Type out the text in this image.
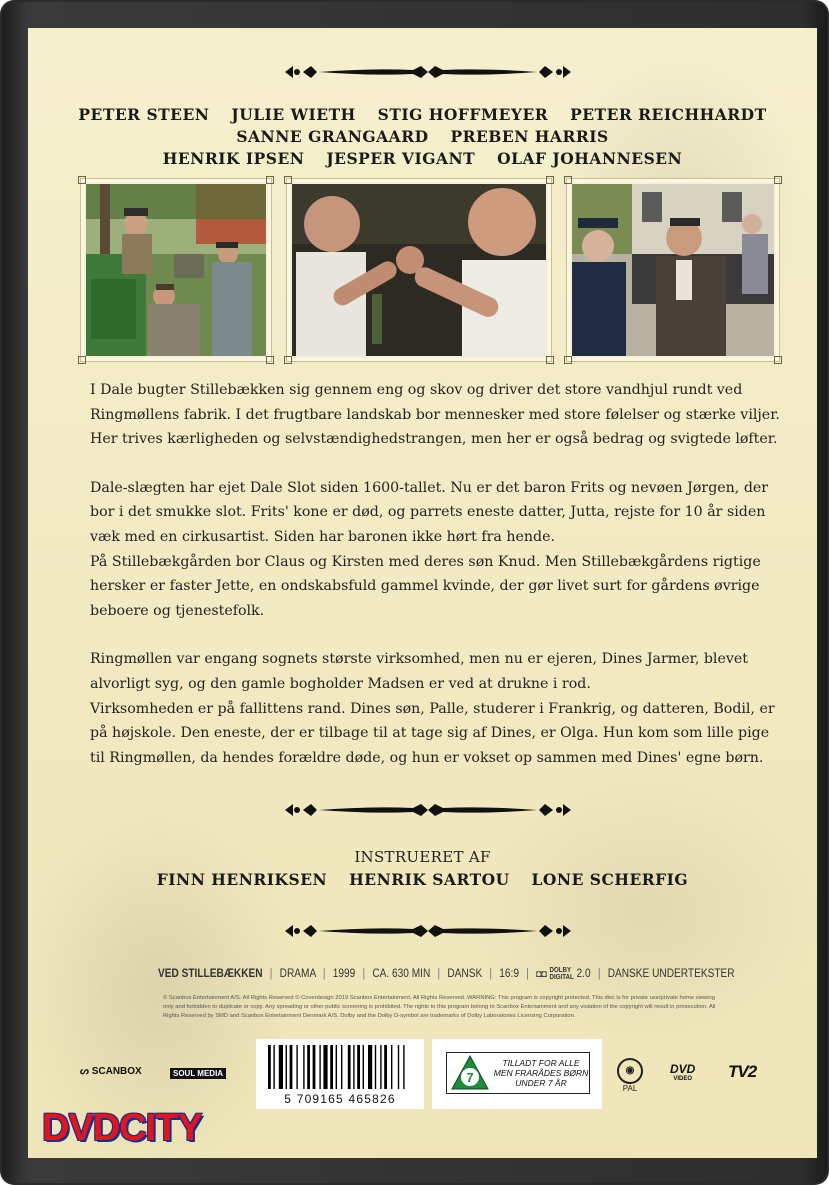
PETER STEEN JULIE WIETH STIG HOFFMEYER PETER REICHHARDT
SANNE GRANGAARD PREBEN HARRIS
HENRIK IPSEN JESPER VIGANT OLAF JOHANNESEN

I Dale bugter Stillebækken sig gennem eng og skov og driver det store vandhjul rundt ved Ringmøllens fabrik. I det frugtbare landskab bor mennesker med store følelser og stærke viljer. Her trives kærligheden og selvstændighedstrangen, men her er også bedrag og svigtede løfter.

Dale-slægten har ejet Dale Slot siden 1600-tallet. Nu er det baron Frits og nevøen Jørgen, der bor i det smukke slot. Frits' kone er død, og parrets eneste datter, Jutta, rejste for 10 år siden væk med en cirkusartist. Siden har baronen ikke hørt fra hende.

På Stillebækgården bor Claus og Kirsten med deres søn Knud. Men Stillebækgårdens rigtige hersker er faster Jette, en ondskabsfuld gammel kvinde, der gør livet surt for gårdens øvrige beboere og tjenestefolk.

Ringmøllen var engang sognets største virksomhed, men nu er ejeren, Dines Jarmer, blevet alvorligt syg, og den gamle bogholder Madsen er ved at drukne i rod.

Virksomheden er på fallittens rand. Dines søn, Palle, studerer i Frankrig, og datteren, Bodil, er på højskole. Den eneste, der er tilbage til at tage sig af Dines, er Olga. Hun kom som lille pige til Ringmøllen, da hendes forældre døde, og hun er vokset op sammen med Dines' egne børn.

INSTRUERET AF
FINN HENRIKSEN HENRIK SARTOU LONE SCHERFIG
VED STILLEBÆKKEN | DRAMA | 1999 | CA. 630 MIN | DANSK | 16:9 | ◘◘ DOLBY
DIGITAL 2.0 | DANSKE UNDERTEKSTER
© Scanbox Entertainment A/S. All Rights Reserved © Coverdesign 2019 Scanbox Entertainment. All Rights Reserved. WARNING: This program is copyright protected. This disc is for private use/private home viewing only and forbidden to duplicate or copy. Any spreading or other public screening is prohibited. The rights to this program belong to Scanbox Entertainment and any violation of the copyright will result in prosecution. All Rights Reserved by SMD and Scanbox Entertainment Denmark A/S. Dolby and the Dolby D-symbol are trademarks of Dolby Laboratories Licensing Corporation.
ᔕ SCANBOX	SOUL MEDIA
5 709165 465826
7
TILLADT FOR ALLE MEN FRARÅDES BØRN UNDER 7 ÅR
◉
PAL
DVD
VIDEO TV2
DVDCITY
